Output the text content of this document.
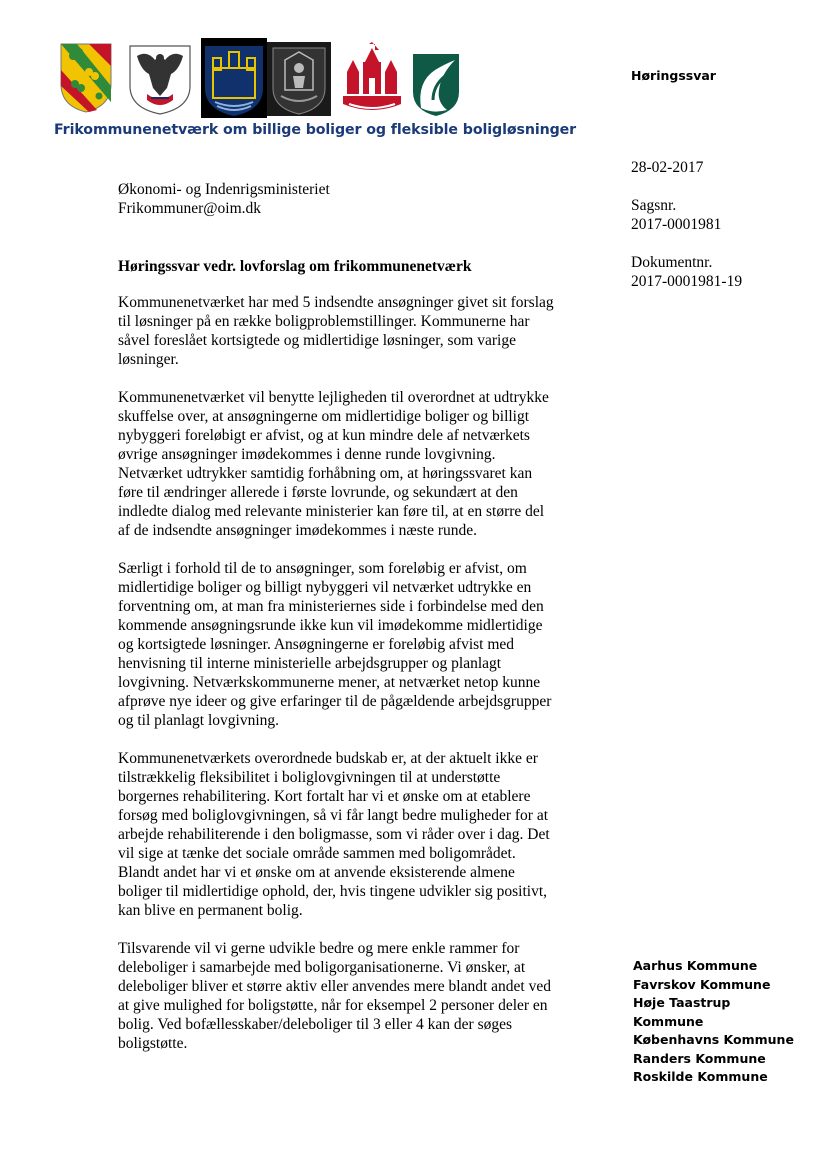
Frikommunenetværk om billige boliger og fleksible boligløsninger
Høringssvar
28-02-2017
Sagsnr.
2017-0001981
Dokumentnr.
2017-0001981-19
Økonomi- og Indenrigsministeriet
Frikommuner@oim.dk
Høringssvar vedr. lovforslag om frikommunenetværk

Kommunenetværket har med 5 indsendte ansøgninger givet sit forslag
til løsninger på en række boligproblemstillinger. Kommunerne har
såvel foreslået kortsigtede og midlertidige løsninger, som varige
løsninger.

Kommunenetværket vil benytte lejligheden til overordnet at udtrykke
skuffelse over, at ansøgningerne om midlertidige boliger og billigt
nybyggeri foreløbigt er afvist, og at kun mindre dele af netværkets
øvrige ansøgninger imødekommes i denne runde lovgivning.
Netværket udtrykker samtidig forhåbning om, at høringssvaret kan
føre til ændringer allerede i første lovrunde, og sekundært at den
indledte dialog med relevante ministerier kan føre til, at en større del
af de indsendte ansøgninger imødekommes i næste runde.

Særligt i forhold til de to ansøgninger, som foreløbig er afvist, om
midlertidige boliger og billigt nybyggeri vil netværket udtrykke en
forventning om, at man fra ministeriernes side i forbindelse med den
kommende ansøgningsrunde ikke kun vil imødekomme midlertidige
og kortsigtede løsninger. Ansøgningerne er foreløbig afvist med
henvisning til interne ministerielle arbejdsgrupper og planlagt
lovgivning. Netværkskommunerne mener, at netværket netop kunne
afprøve nye ideer og give erfaringer til de pågældende arbejdsgrupper
og til planlagt lovgivning.

Kommunenetværkets overordnede budskab er, at der aktuelt ikke er
tilstrækkelig fleksibilitet i boliglovgivningen til at understøtte
borgernes rehabilitering. Kort fortalt har vi et ønske om at etablere
forsøg med boliglovgivningen, så vi får langt bedre muligheder for at
arbejde rehabiliterende i den boligmasse, som vi råder over i dag. Det
vil sige at tænke det sociale område sammen med boligområdet.
Blandt andet har vi et ønske om at anvende eksisterende almene
boliger til midlertidige ophold, der, hvis tingene udvikler sig positivt,
kan blive en permanent bolig.

Tilsvarende vil vi gerne udvikle bedre og mere enkle rammer for
deleboliger i samarbejde med boligorganisationerne. Vi ønsker, at
deleboliger bliver et større aktiv eller anvendes mere blandt andet ved
at give mulighed for boligstøtte, når for eksempel 2 personer deler en
bolig. Ved bofællesskaber/deleboliger til 3 eller 4 kan der søges
boligstøtte.

Aarhus Kommune
Favrskov Kommune
Høje Taastrup
Kommune
Københavns Kommune
Randers Kommune
Roskilde Kommune
